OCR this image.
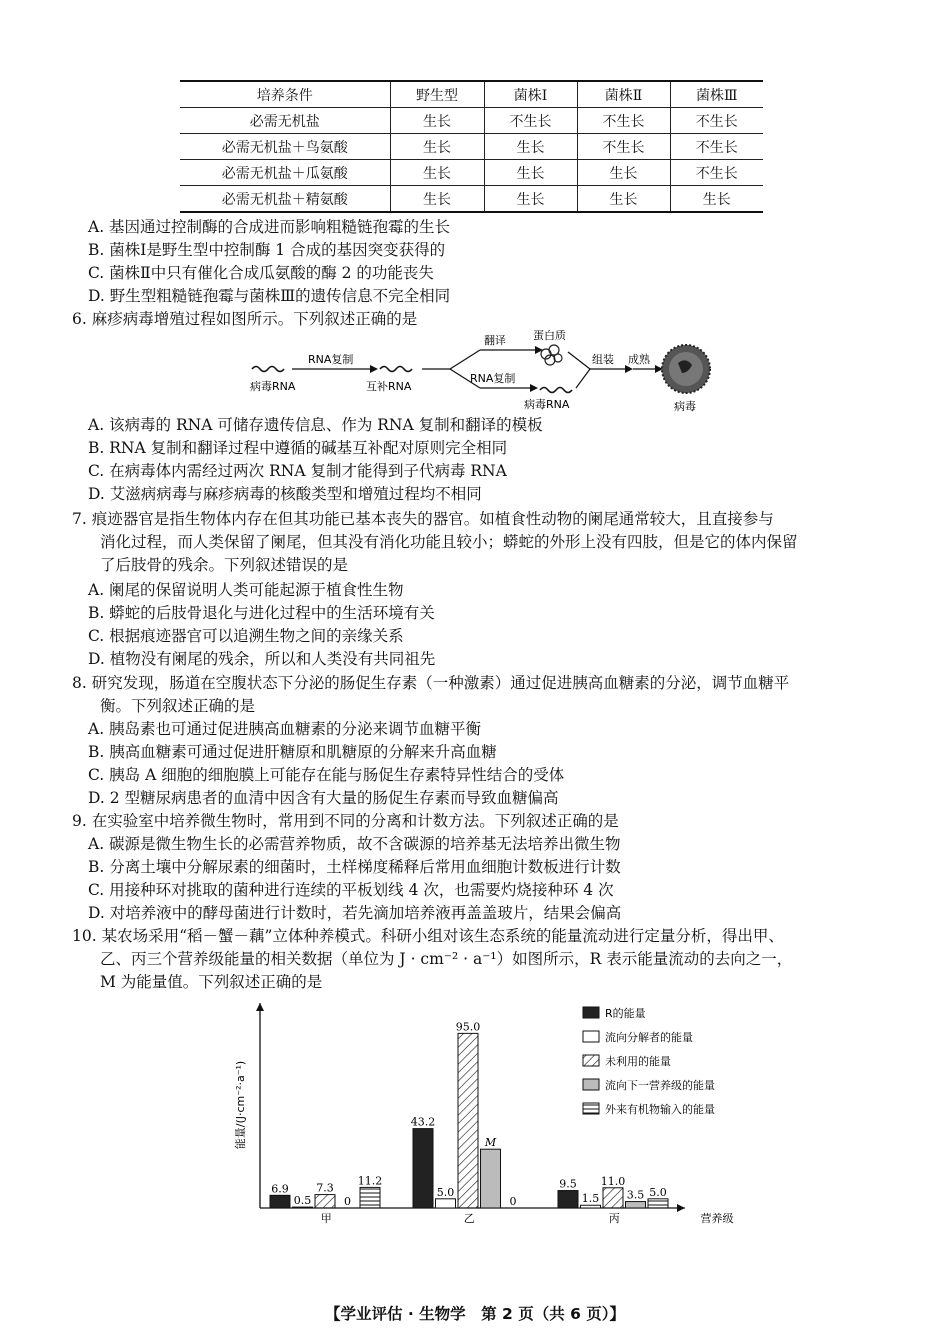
培养条件	野生型	菌株Ⅰ	菌株Ⅱ	菌株Ⅲ
必需无机盐	生长	不生长	不生长	不生长
必需无机盐＋鸟氨酸	生长	生长	不生长	不生长
必需无机盐＋瓜氨酸	生长	生长	生长	不生长
必需无机盐＋精氨酸	生长	生长	生长	生长
A. 基因通过控制酶的合成进而影响粗糙链孢霉的生长
B. 菌株Ⅰ是野生型中控制酶 1 合成的基因突变获得的
C. 菌株Ⅱ中只有催化合成瓜氨酸的酶 2 的功能丧失
D. 野生型粗糙链孢霉与菌株Ⅲ的遗传信息不完全相同
6. 麻疹病毒增殖过程如图所示。下列叙述正确的是
病毒RNA
RNA复制
互补RNA
翻译
RNA复制
蛋白质
病毒RNA
组装 成熟
病毒
A. 该病毒的 RNA 可储存遗传信息、作为 RNA 复制和翻译的模板
B. RNA 复制和翻译过程中遵循的碱基互补配对原则完全相同
C. 在病毒体内需经过两次 RNA 复制才能得到子代病毒 RNA
D. 艾滋病病毒与麻疹病毒的核酸类型和增殖过程均不相同
7. 痕迹器官是指生物体内存在但其功能已基本丧失的器官。如植食性动物的阑尾通常较大，且直接参与
消化过程，而人类保留了阑尾，但其没有消化功能且较小；蟒蛇的外形上没有四肢，但是它的体内保留
了后肢骨的残余。下列叙述错误的是
A. 阑尾的保留说明人类可能起源于植食性生物
B. 蟒蛇的后肢骨退化与进化过程中的生活环境有关
C. 根据痕迹器官可以追溯生物之间的亲缘关系
D. 植物没有阑尾的残余，所以和人类没有共同祖先
8. 研究发现，肠道在空腹状态下分泌的肠促生存素（一种激素）通过促进胰高血糖素的分泌，调节血糖平
衡。下列叙述正确的是
A. 胰岛素也可通过促进胰高血糖素的分泌来调节血糖平衡
B. 胰高血糖素可通过促进肝糖原和肌糖原的分解来升高血糖
C. 胰岛 A 细胞的细胞膜上可能存在能与肠促生存素特异性结合的受体
D. 2 型糖尿病患者的血清中因含有大量的肠促生存素而导致血糖偏高
9. 在实验室中培养微生物时，常用到不同的分离和计数方法。下列叙述正确的是
A. 碳源是微生物生长的必需营养物质，故不含碳源的培养基无法培养出微生物
B. 分离土壤中分解尿素的细菌时，土样梯度稀释后常用血细胞计数板进行计数
C. 用接种环对挑取的菌种进行连续的平板划线 4 次，也需要灼烧接种环 4 次
D. 对培养液中的酵母菌进行计数时，若先滴加培养液再盖盖玻片，结果会偏高
10. 某农场采用“稻－蟹－藕”立体种养模式。科研小组对该生态系统的能量流动进行定量分析，得出甲、
乙、丙三个营养级能量的相关数据（单位为 J · cm⁻² · a⁻¹）如图所示，R 表示能量流动的去向之一，
M 为能量值。下列叙述正确的是
能量/(J·cm⁻²·a⁻¹)
营养级
6.9
0.5
7.3
0
11.2
甲
43.2
5.0
95.0
M
0
乙
9.5
1.5
11.0
3.5 5.0
丙
R的能量
流向分解者的能量
未利用的能量
流向下一营养级的能量
外来有机物输入的能量
【学业评估 · 生物学　第 2 页（共 6 页）】
